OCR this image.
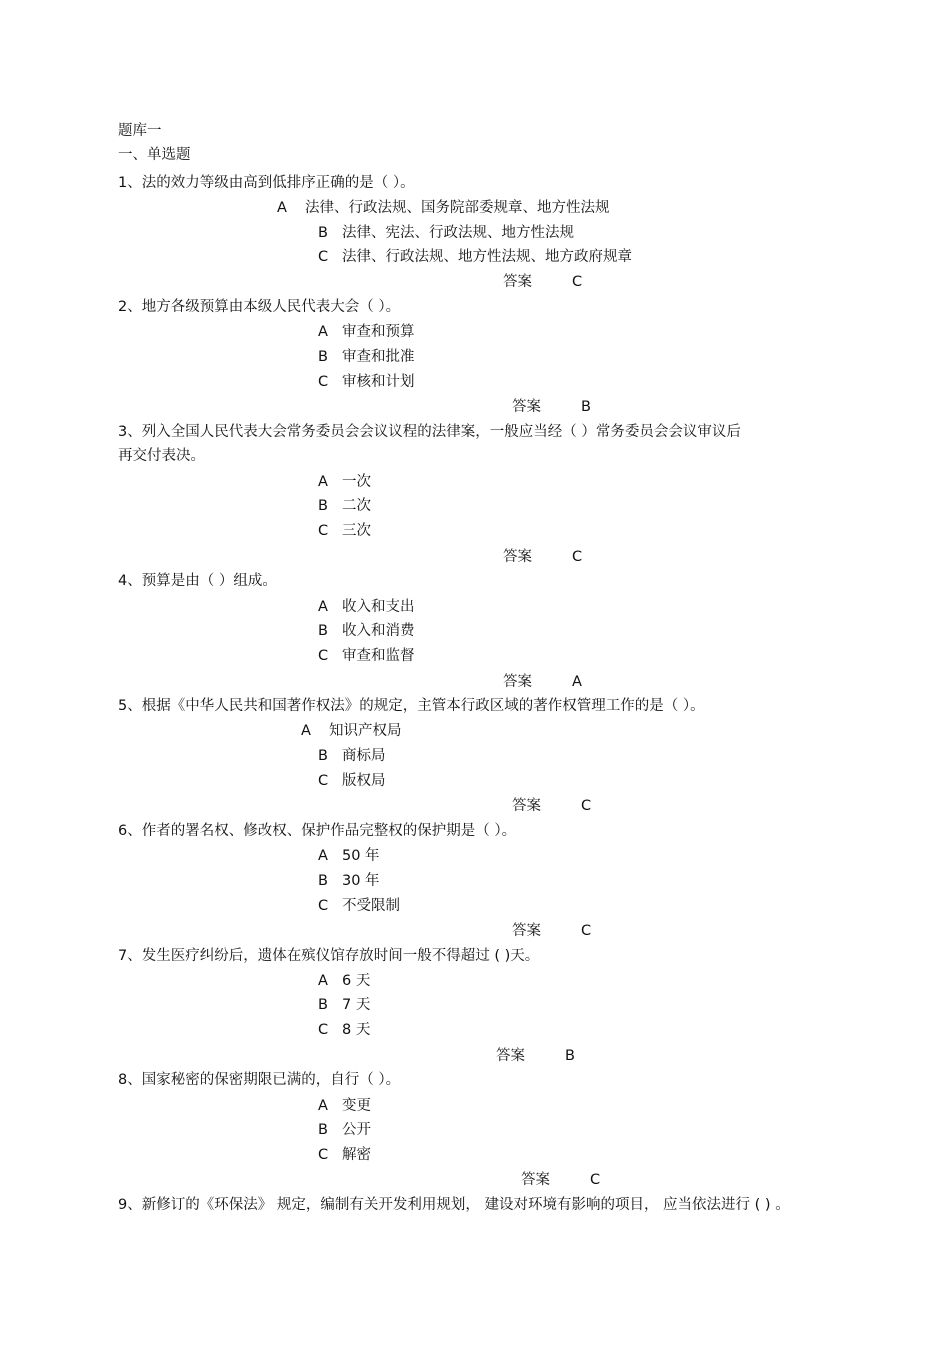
题库一
一、单选题
1、法的效力等级由高到低排序正确的是（ ）。
A 法律、行政法规、国务院部委规章、地方性法规
B 法律、宪法、行政法规、地方性法规
C 法律、行政法规、地方性法规、地方政府规章
答案	C
2、地方各级预算由本级人民代表大会（ ）。
A 审查和预算
B 审查和批准
C 审核和计划
答案	B
3、列入全国人民代表大会常务委员会会议议程的法律案，一般应当经（ ）常务委员会会议审议后
再交付表决。
A 一次
B 二次
C 三次
答案	C
4、预算是由（ ）组成。
A 收入和支出
B 收入和消费
C 审查和监督
答案	A
5、根据《中华人民共和国著作权法》的规定，主管本行政区域的著作权管理工作的是（ ）。
A 知识产权局
B 商标局
C 版权局
答案	C
6、作者的署名权、修改权、保护作品完整权的保护期是（ ）。
A 50 年
B 30 年
C 不受限制
答案	C
7、发生医疗纠纷后，遗体在殡仪馆存放时间一般不得超过 ( )天。
A 6 天
B 7 天
C 8 天
答案	B
8、国家秘密的保密期限已满的，自行（ ）。
A 变更
B 公开
C 解密
答案	C
9、新修订的《环保法》 规定，编制有关开发利用规划， 建设对环境有影响的项目， 应当依法进行 ( ) 。
